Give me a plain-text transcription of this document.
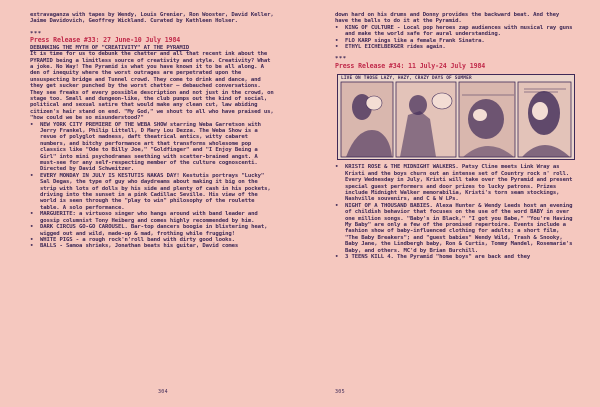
extravaganza with tapes by Wendy, Louis Grenier, Ron Wooster, David Keller, Jaime Davidovich, Geoffrey Wickland. Curated by Kathleen Holser.

***

Press Release #33: 27 June-10 July 1984

DEBUNKING THE MYTH OF "CREATIVITY" AT THE PYRAMID

It is time for us to debunk the chatter and all that recent ink about the PYRAMID being a limitless source of creativity and style. Creativity? What a joke. No Way! The Pyramid is what you have known it to be all along. A den of inequity where the worst outrages are perpetrated upon the unsuspecting bridge and Tunnel crowd. They come to drink and dance, and they get sucker punched by the worst chatter — debauched conversations. They see freaks of every possible description and not just in the crowd, on stage too. Small and dungeon-like, the club pumps out the kind of social, political and sexual satire that would make any clean cut, law abiding citizen's hair stand on end. "My God," we shout to all who have praised us, "how could we be so misunderstood?"

• NEW YORK CITY PREMIERE OF THE WEBA SHOW starring Weba Garretson with Jerry Frankel, Philip Littell, D Mary Lou Dezza. The Weba Show is a revue of polyglot madness, daft theatrical antics, witty cabaret numbers, and bitchy performance art that transforms wholesome pop classics like "Ode to Billy Joe," "Goldfinger" and "I Enjoy Being a Girl" into mini psychodramas seething with scatter-brained angst. A must-see for any self-respecting member of the culture cognoscenti. Directed by David Schweitzer.

• EVERY MONDAY IN JULY IS KESTUTIS NAKAS DAY! Kestutis portrays "Lucky" Sal Degas, the type of guy who daydreams about making it big on the strip with lots of dolls by his side and plenty of cash in his pockets, driving into the sunset in a pink Cadillac Seville. His view of the world is seen through the "play to win" philosophy of the roulette table. A solo performance.

• MARGUERITE: a virtuoso singer who hangs around with band leader and gossip columnist Tony Heiberg and comes highly recommended by him.

• DARK CIRCUS GO-GO CAROUSEL. Bar-top dancers boogie in blistering heat, wigged out and wild, made-up & mad, frothing while frugging!

• WHITE PIGS - a rough rock'n'roll band with dirty good looks.

• BALLS - Samoa shrieks, Jonathan beats his guitar, David comes

304

down hard on his drums and Donny provides the backward beat. And they have the balls to do it at the Pyramid.

• KING OF CULTURE - Local pop heroes zap audiences with musical ray guns and make the world safe for aural understanding.

• FLO KARP sings like a female Frank Sinatra.

• ETHYL EICHELBERGER rides again.

***

Press Release #34: 11 July-24 July 1984

LIVE ON THOSE LAZY, HAZY, CRAZY DAYS OF SUMMER

• KRISTI ROSE & THE MIDNIGHT WALKERS. Patsy Cline meets Link Wray as Kristi and the boys churn out an intense set of Country rock n' roll. Every Wednesday in July, Kristi will take over the Pyramid and present special guest performers and door prizes to lucky patrons. Prizes include Midnight Walker memorabilia, Kristi's torn seam stockings, Nashville souvenirs, and C & W LPs.

• NIGHT OF A THOUSAND BABIES. Alexa Hunter & Wendy Leeds host an evening of childish behavior that focuses on the use of the word BABY in over one million songs. "Baby's in Black," "I got you Babe," "You're Having My Baby" are only a few of the promised repertoire. Events include a fashion show of baby-influenced clothing for adults; a short film, "The Baby Breakers"; and "guest babies" Wendy Wild, Trash & Snooky, Baby Jane, the Lindbergh baby, Ron & Curtis, Tommy Mandel, Rosemarie's Baby, and others. MC'd by Brian Burchill.

• 3 TEENS KILL 4. The Pyramid "home boys" are back and they

305
